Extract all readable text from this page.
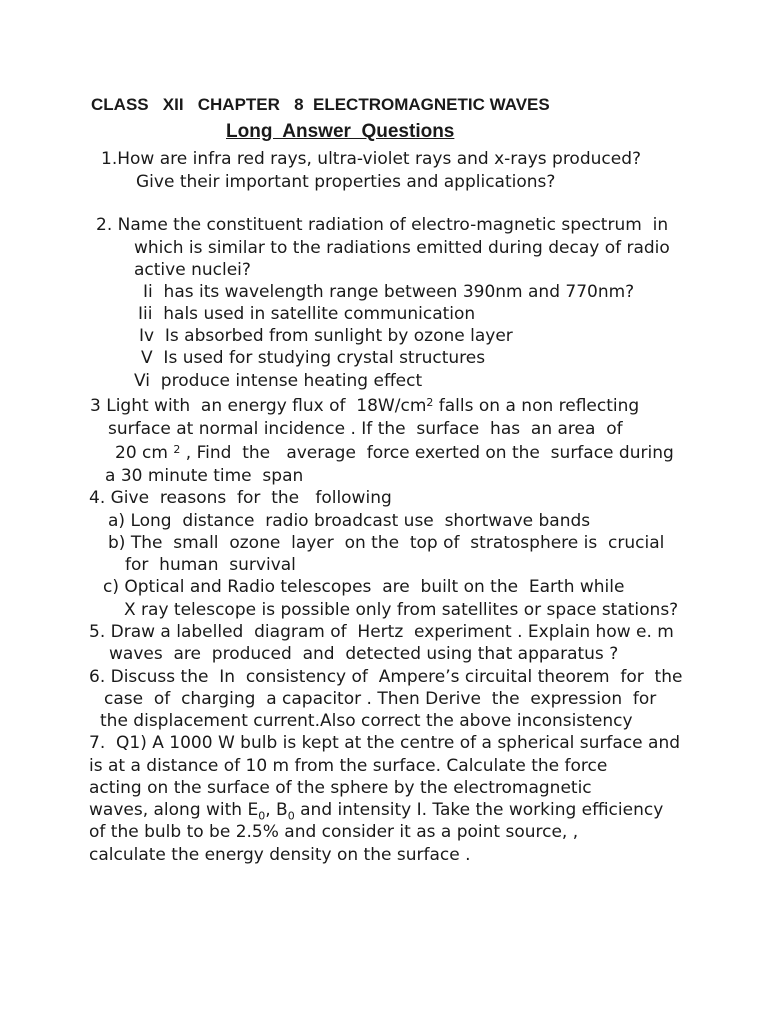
CLASS   XII   CHAPTER   8  ELECTROMAGNETIC WAVES
Long  Answer  Questions
1.How are infra red rays, ultra-violet rays and x-rays produced?
Give their important properties and applications?
2. Name the constituent radiation of electro-magnetic spectrum  in
which is similar to the radiations emitted during decay of radio
active nuclei?
Ii  has its wavelength range between 390nm and 770nm?
Iii  hals used in satellite communication
Iv  Is absorbed from sunlight by ozone layer
V  Is used for studying crystal structures
Vi  produce intense heating effect
3 Light with  an energy flux of  $18W/cm^2$ falls on a non reflecting
surface at normal incidence . If the  surface  has  an area  of
20 cm $^2$ , Find  the   average  force exerted on the  surface during
a 30 minute time  span
4. Give  reasons  for  the   following
a) Long  distance  radio broadcast use  shortwave bands
b) The  small  ozone  layer  on the  top of  stratosphere is  crucial
for  human  survival
c) Optical and Radio telescopes  are  built on the  Earth while
X ray telescope is possible only from satellites or space stations?
5. Draw a labelled  diagram of  Hertz  experiment . Explain how e. m
waves  are  produced  and  detected using that apparatus ?
6. Discuss the  In  consistency of  Ampere’s circuital theorem  for  the
case  of  charging  a capacitor . Then Derive  the  expression  for
the displacement current.Also correct the above inconsistency
7.  Q1) A 1000 W bulb is kept at the centre of a spherical surface and
is at a distance of 10 m from the surface. Calculate the force
acting on the surface of the sphere by the electromagnetic
waves, along with $E_0$, $B_0$ and intensity I. Take the working efficiency
of the bulb to be 2.5% and consider it as a point source, ,
calculate the energy density on the surface .
